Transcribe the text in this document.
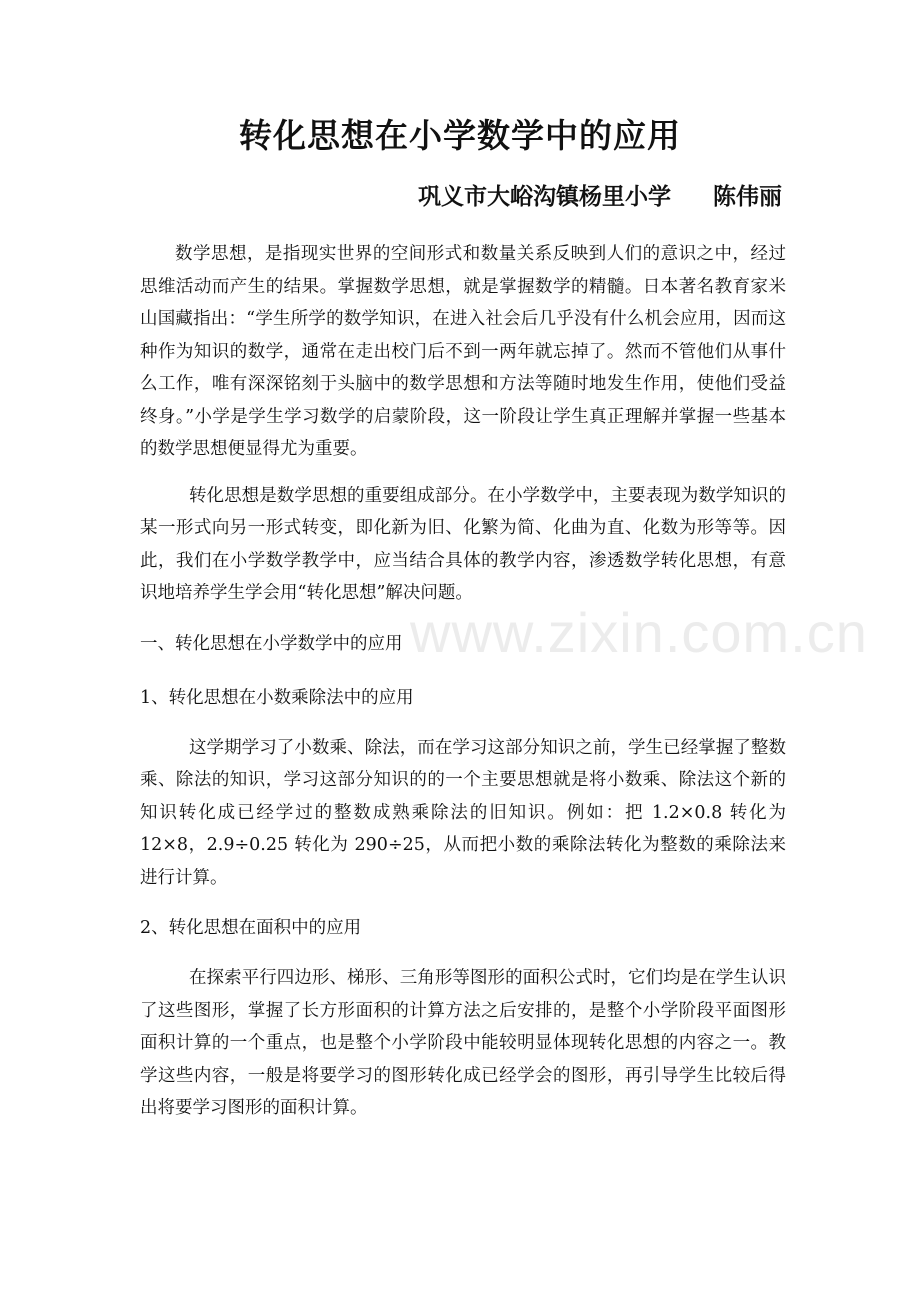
转化思想在小学数学中的应用
巩义市大峪沟镇杨里小学 陈伟丽

数学思想，是指现实世界的空间形式和数量关系反映到人们的意识之中，经过思维活动而产生的结果。掌握数学思想，就是掌握数学的精髓。日本著名教育家米山国藏指出：“学生所学的数学知识，在进入社会后几乎没有什么机会应用，因而这种作为知识的数学，通常在走出校门后不到一两年就忘掉了。然而不管他们从事什么工作，唯有深深铭刻于头脑中的数学思想和方法等随时地发生作用，使他们受益终身。”小学是学生学习数学的启蒙阶段，这一阶段让学生真正理解并掌握一些基本的数学思想便显得尤为重要。

转化思想是数学思想的重要组成部分。在小学数学中，主要表现为数学知识的某一形式向另一形式转变，即化新为旧、化繁为简、化曲为直、化数为形等等。因此，我们在小学数学教学中，应当结合具体的教学内容，渗透数学转化思想，有意识地培养学生学会用“转化思想”解决问题。

一、转化思想在小学数学中的应用

1、转化思想在小数乘除法中的应用

这学期学习了小数乘、除法，而在学习这部分知识之前，学生已经掌握了整数乘、除法的知识，学习这部分知识的的一个主要思想就是将小数乘、除法这个新的知识转化成已经学过的整数成熟乘除法的旧知识。例如：把 1.2×0.8 转化为 12×8，2.9÷0.25 转化为 290÷25，从而把小数的乘除法转化为整数的乘除法来进行计算。

2、转化思想在面积中的应用

在探索平行四边形、梯形、三角形等图形的面积公式时，它们均是在学生认识了这些图形，掌握了长方形面积的计算方法之后安排的，是整个小学阶段平面图形面积计算的一个重点，也是整个小学阶段中能较明显体现转化思想的内容之一。教学这些内容，一般是将要学习的图形转化成已经学会的图形，再引导学生比较后得出将要学习图形的面积计算。

www.zixin.com.cn
